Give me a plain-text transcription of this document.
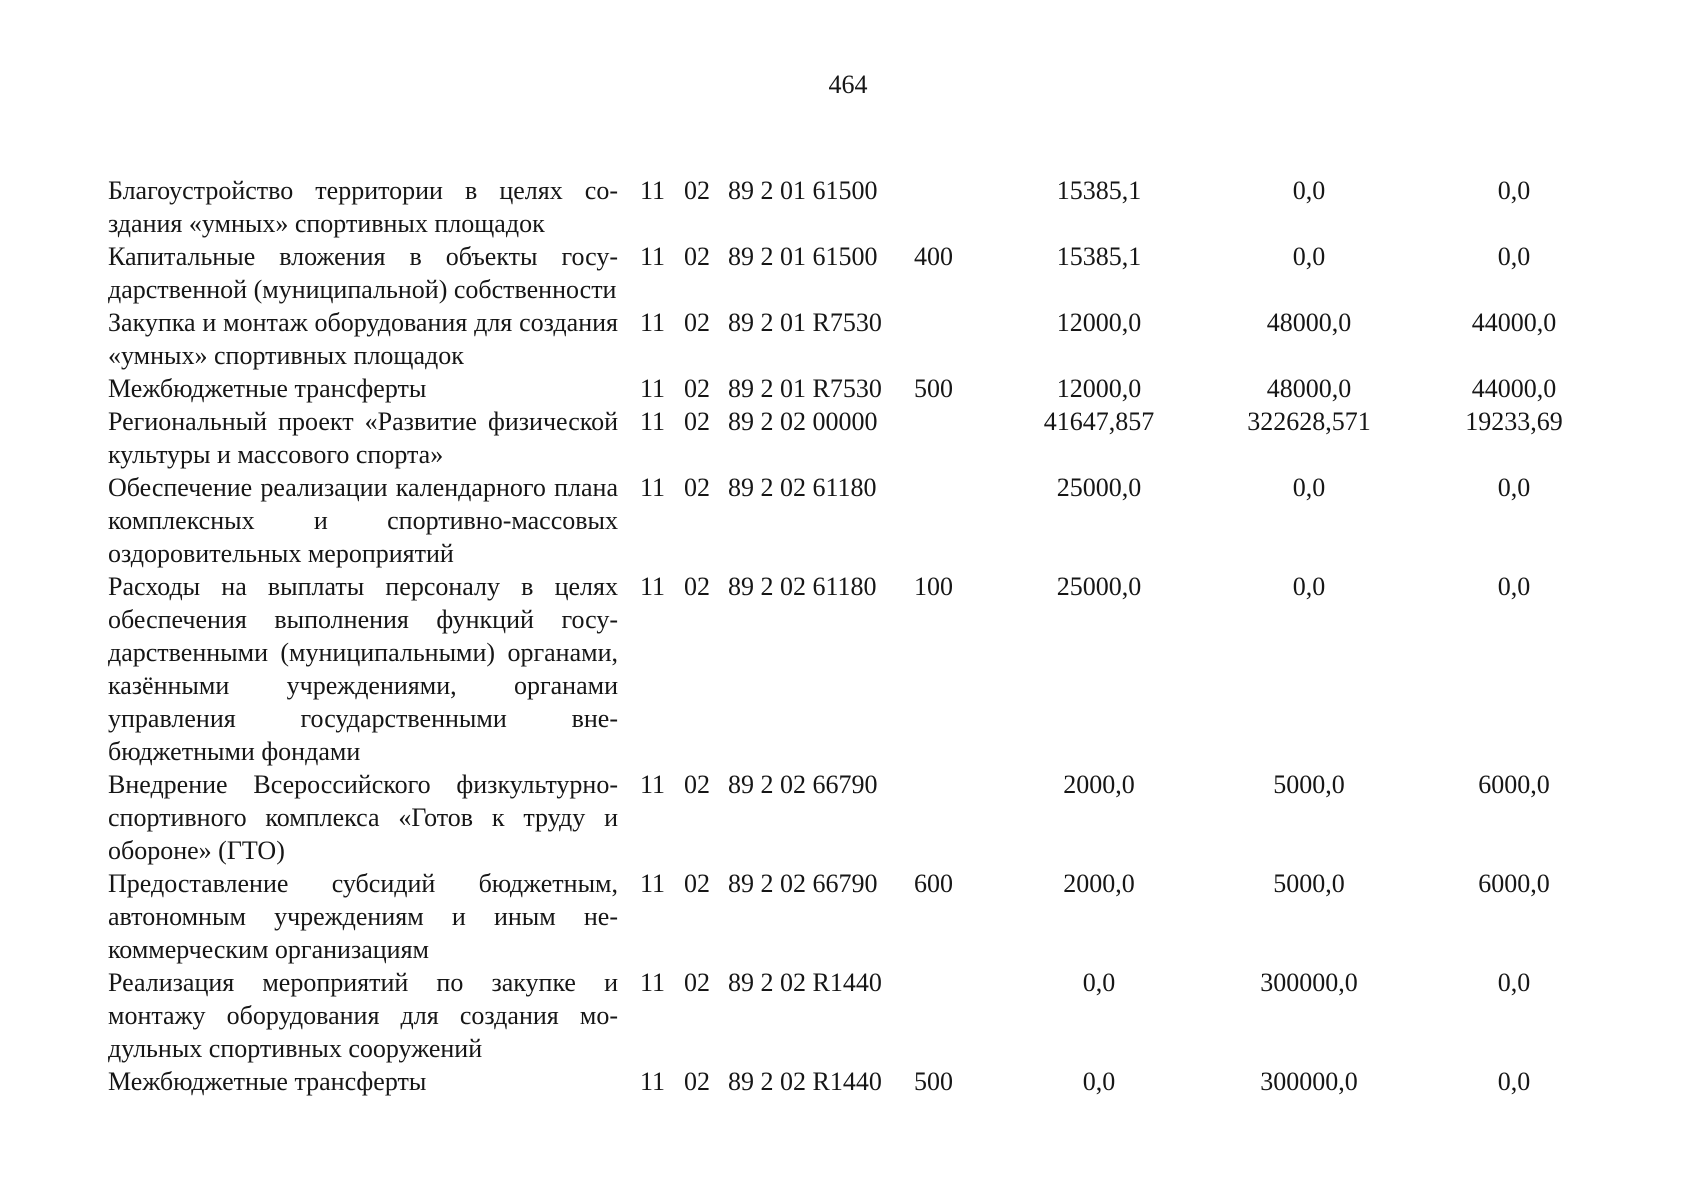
464
Благоустройство территории в целях создания «умных» спортивных площадок	11	02	89 2 01 61500		15385,1	0,0	0,0
Капитальные вложения в объекты государственной (муниципальной) собственности	11	02	89 2 01 61500	400	15385,1	0,0	0,0
Закупка и монтаж оборудования для создания «умных» спортивных площадок	11	02	89 2 01 R7530		12000,0	48000,0	44000,0
Межбюджетные трансферты	11	02	89 2 01 R7530	500	12000,0	48000,0	44000,0
Региональный проект «Развитие физической культуры и массового спорта»	11	02	89 2 02 00000		41647,857	322628,571	19233,69
Обеспечение реализации календарного плана комплексных и спортивно-массовых оздоровительных мероприятий	11	02	89 2 02 61180		25000,0	0,0	0,0
Расходы на выплаты персоналу в целях обеспечения выполнения функций государственными (муниципальными) органами, казёнными учреждениями, органами управления государственными внебюджетными фондами	11	02	89 2 02 61180	100	25000,0	0,0	0,0
Внедрение Всероссийского физкультурно-спортивного комплекса «Готов к труду и обороне» (ГТО)	11	02	89 2 02 66790		2000,0	5000,0	6000,0
Предоставление субсидий бюджетным, автономным учреждениям и иным некоммерческим организациям	11	02	89 2 02 66790	600	2000,0	5000,0	6000,0
Реализация мероприятий по закупке и монтажу оборудования для создания модульных спортивных сооружений	11	02	89 2 02 R1440		0,0	300000,0	0,0
Межбюджетные трансферты	11	02	89 2 02 R1440	500	0,0	300000,0	0,0
